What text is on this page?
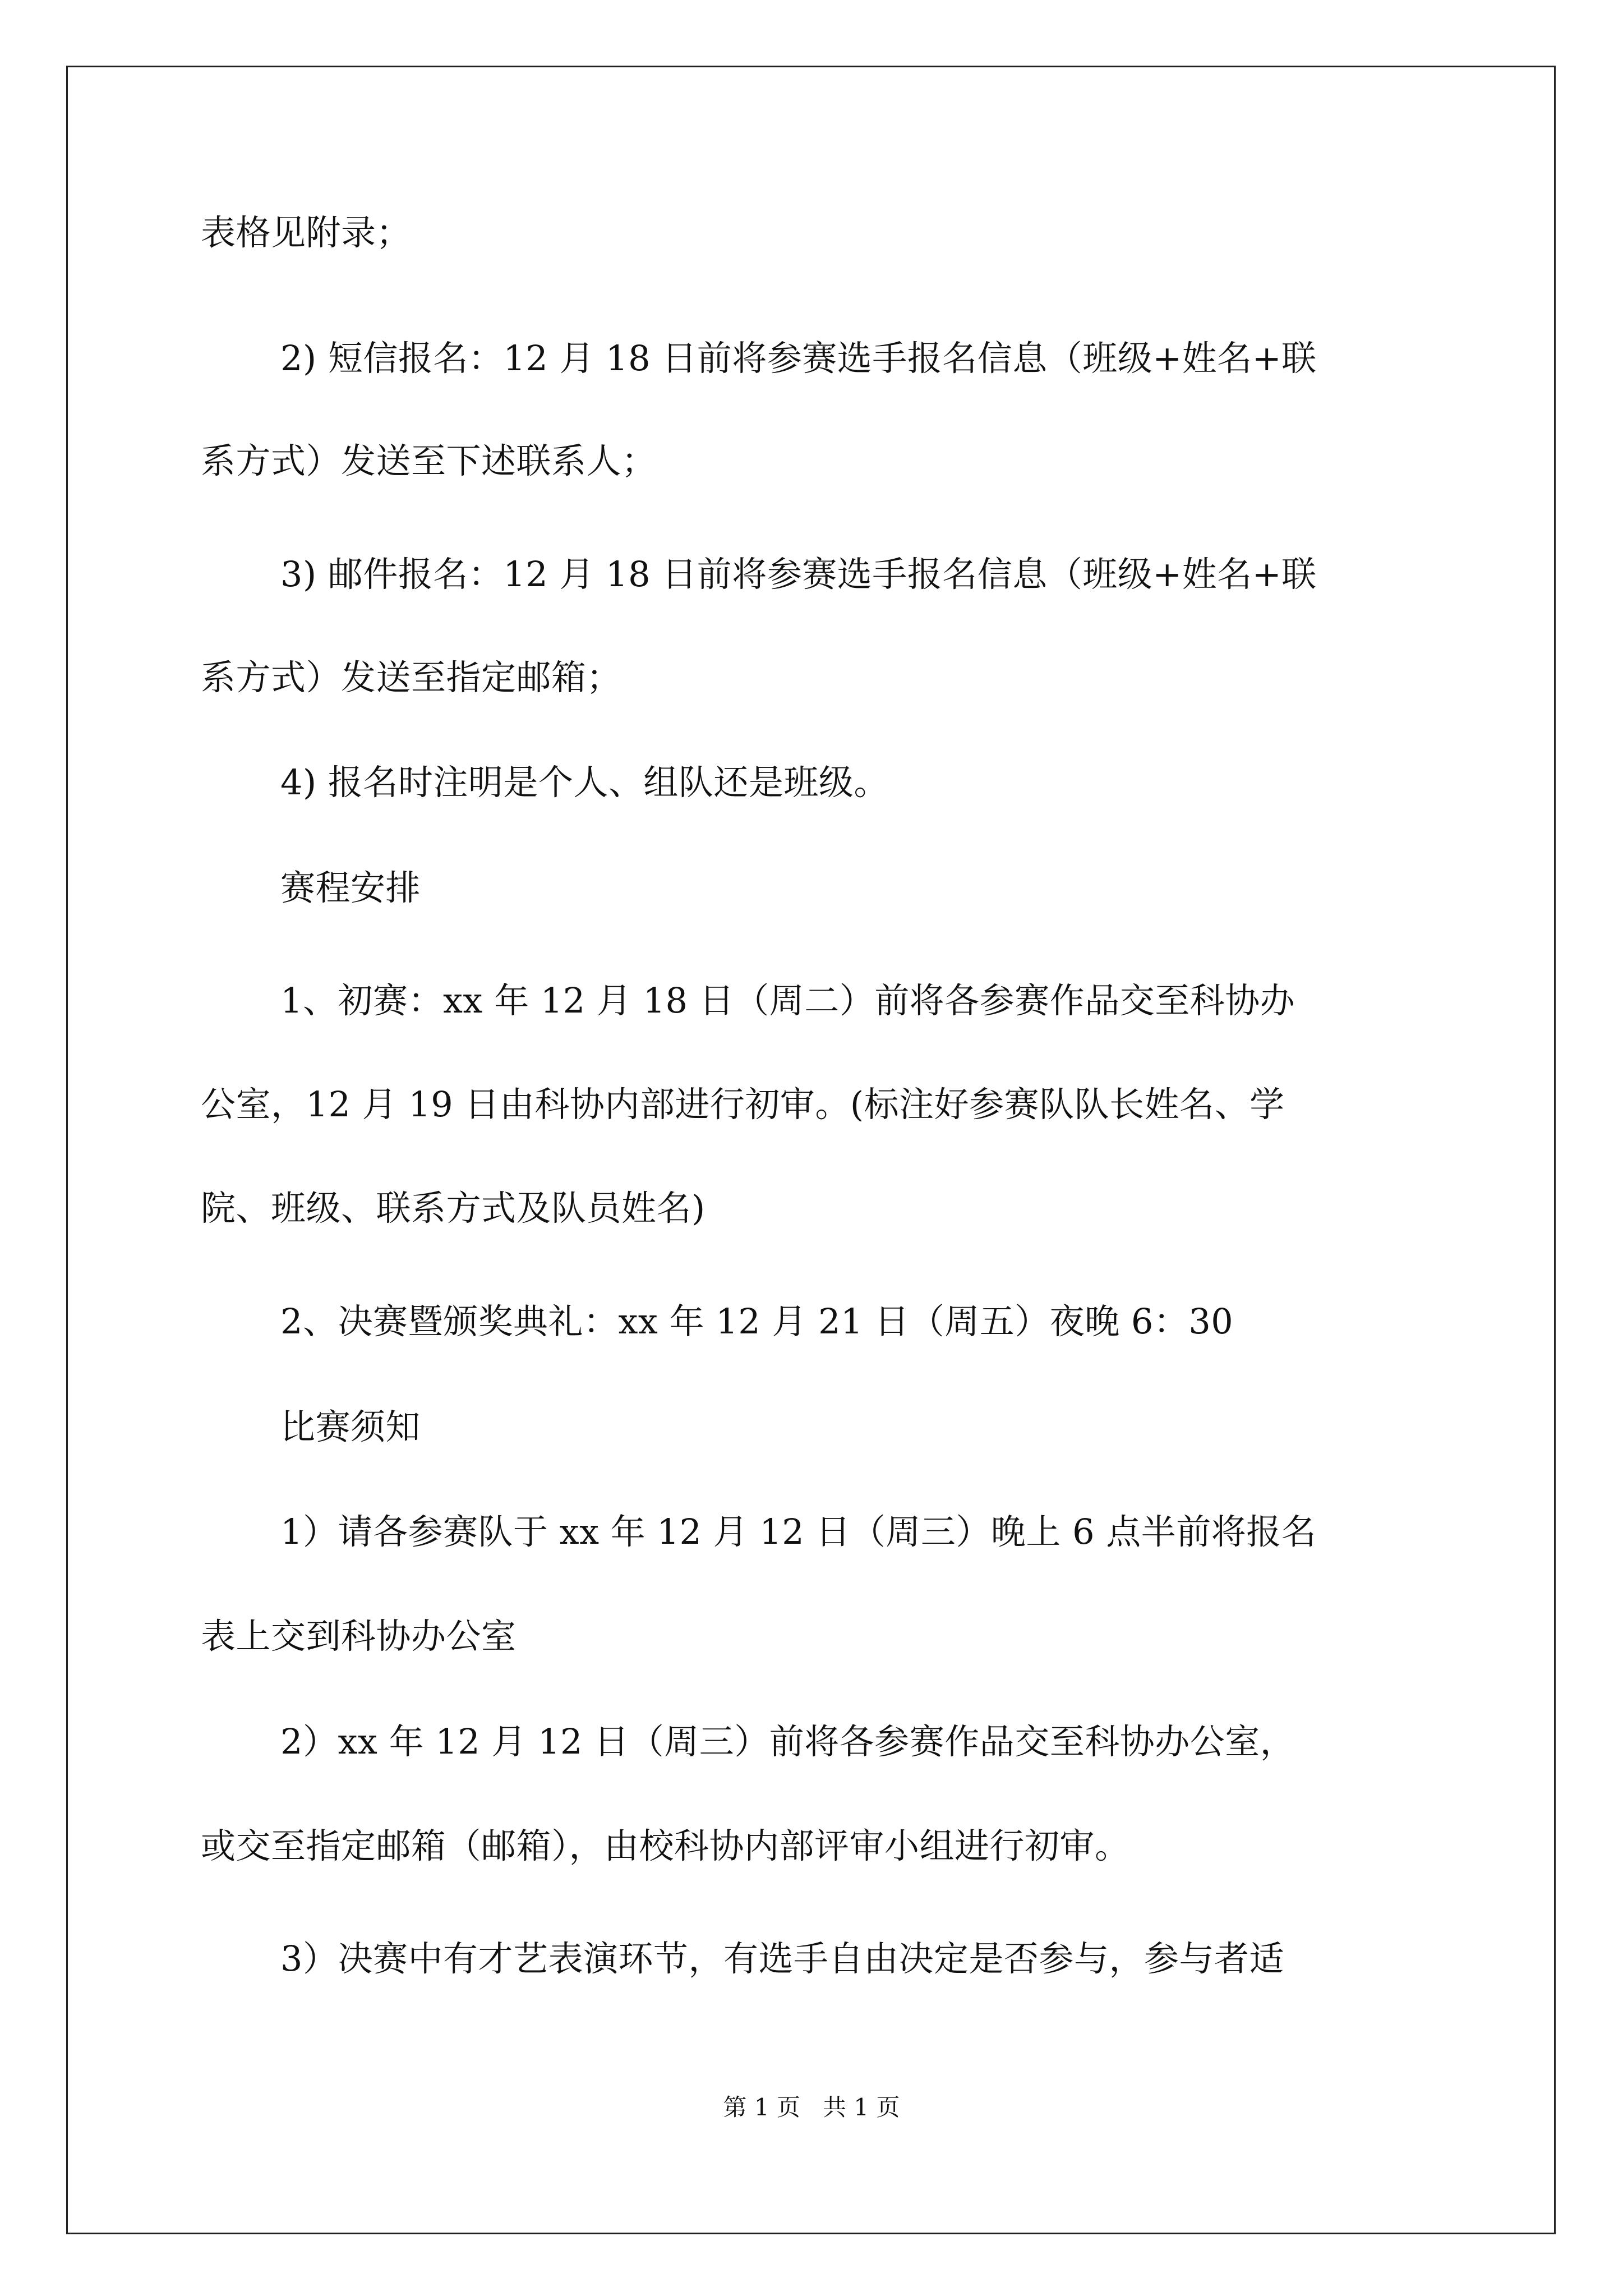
表格见附录；
2) 短信报名：12 月 18 日前将参赛选手报名信息（班级+姓名+联
系方式）发送至下述联系人；
3) 邮件报名：12 月 18 日前将参赛选手报名信息（班级+姓名+联
系方式）发送至指定邮箱；
4) 报名时注明是个人、组队还是班级。
赛程安排
1、初赛：xx 年 12 月 18 日（周二）前将各参赛作品交至科协办
公室，12 月 19 日由科协内部进行初审。(标注好参赛队队长姓名、学
院、班级、联系方式及队员姓名)
2、决赛暨颁奖典礼：xx 年 12 月 21 日（周五）夜晚 6：30
比赛须知
1）请各参赛队于 xx 年 12 月 12 日（周三）晚上 6 点半前将报名
表上交到科协办公室
2）xx 年 12 月 12 日（周三）前将各参赛作品交至科协办公室，
或交至指定邮箱（邮箱），由校科协内部评审小组进行初审。
3）决赛中有才艺表演环节，有选手自由决定是否参与，参与者适
第 1 页   共 1 页
